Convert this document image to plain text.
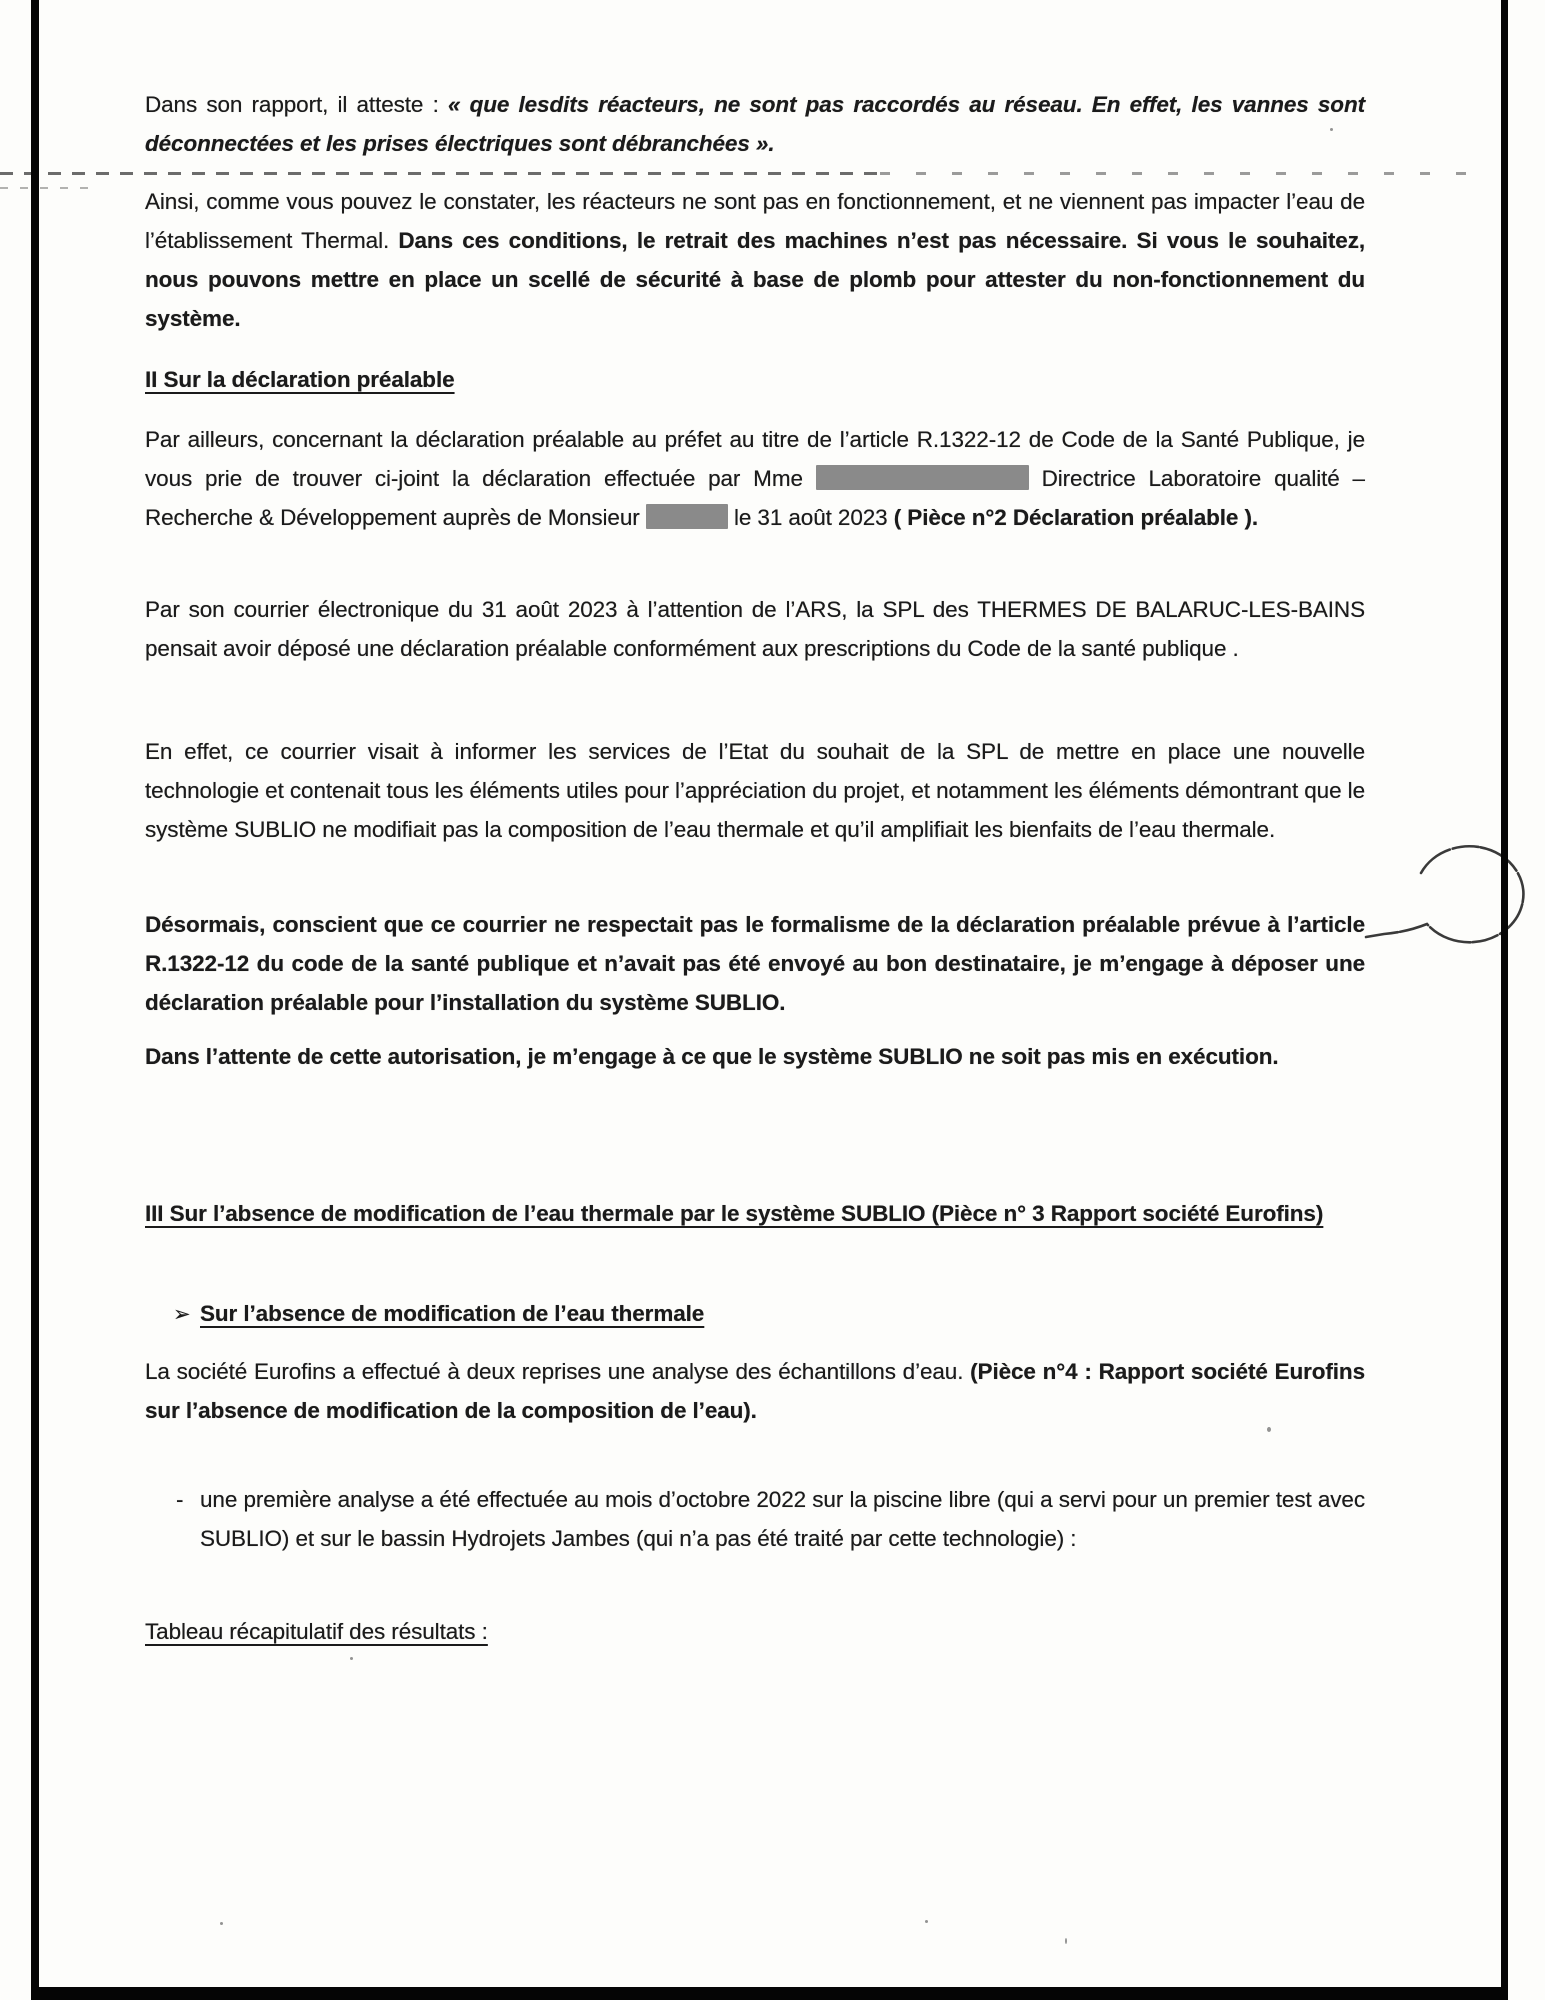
Dans son rapport, il atteste : « que lesdits réacteurs, ne sont pas raccordés au réseau. En effet, les vannes sont déconnectées et les prises électriques sont débranchées ».
Ainsi, comme vous pouvez le constater, les réacteurs ne sont pas en fonctionnement, et ne viennent pas impacter l’eau de l’établissement Thermal. Dans ces conditions, le retrait des machines n’est pas nécessaire. Si vous le souhaitez, nous pouvons mettre en place un scellé de sécurité à base de plomb pour attester du non-fonctionnement du système.
II Sur la déclaration préalable
Par ailleurs, concernant la déclaration préalable au préfet au titre de l’article R.1322-12 de Code de la Santé Publique, je vous prie de trouver ci-joint la déclaration effectuée par Mme	Directrice Laboratoire qualité – Recherche & Développement auprès de Monsieur	le 31 août 2023 ( Pièce n°2 Déclaration préalable ).
Par son courrier électronique du 31 août 2023 à l’attention de l’ARS, la SPL des THERMES DE BALARUC-LES-BAINS pensait avoir déposé une déclaration préalable conformément aux prescriptions du Code de la santé publique .
En effet, ce courrier visait à informer les services de l’Etat du souhait de la SPL de mettre en place une nouvelle technologie et contenait tous les éléments utiles pour l’appréciation du projet, et notamment les éléments démontrant que le système SUBLIO ne modifiait pas la composition de l’eau thermale et qu’il amplifiait les bienfaits de l’eau thermale.
Désormais, conscient que ce courrier ne respectait pas le formalisme de la déclaration préalable prévue à l’article R.1322-12 du code de la santé publique et n’avait pas été envoyé au bon destinataire, je m’engage à déposer une déclaration préalable pour l’installation du système SUBLIO.
Dans l’attente de cette autorisation, je m’engage à ce que le système SUBLIO ne soit pas mis en exécution.
III Sur l’absence de modification de l’eau thermale par le système SUBLIO (Pièce n° 3 Rapport société Eurofins)
➢ Sur l’absence de modification de l’eau thermale
La société Eurofins a effectué à deux reprises une analyse des échantillons d’eau. (Pièce n°4 : Rapport société Eurofins sur l’absence de modification de la composition de l’eau).
- une première analyse a été effectuée au mois d’octobre 2022 sur la piscine libre (qui a servi pour un premier test avec SUBLIO) et sur le bassin Hydrojets Jambes (qui n’a pas été traité par cette technologie) :
Tableau récapitulatif des résultats :
